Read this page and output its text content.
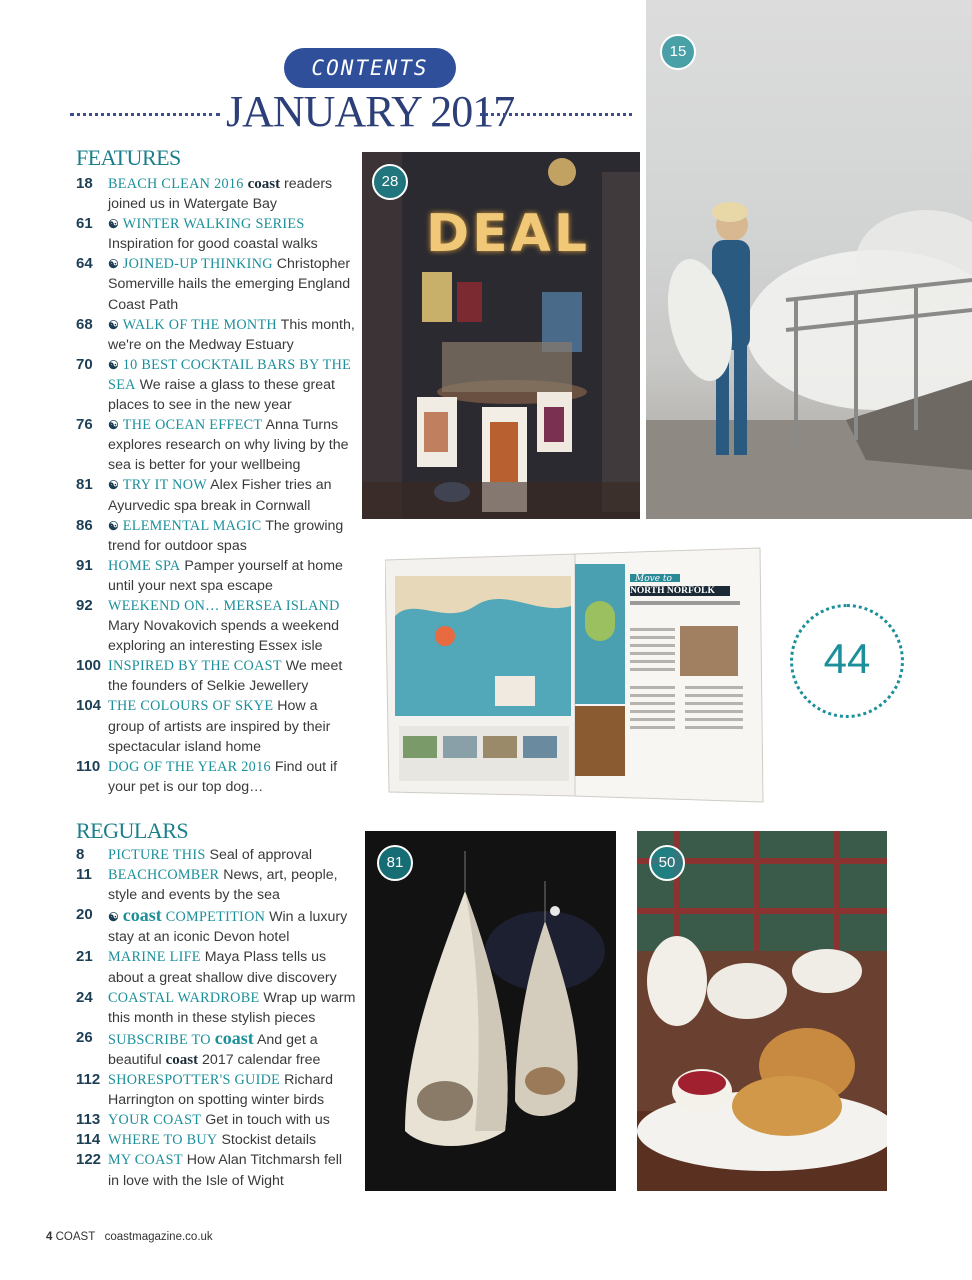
CONTENTS
JANUARY 2017
FEATURES
18 BEACH CLEAN 2016 coast readers joined us in Watergate Bay
61 ☯ WINTER WALKING SERIES Inspiration for good coastal walks
64 ☯ JOINED-UP THINKING Christopher Somerville hails the emerging England Coast Path
68 ☯ WALK OF THE MONTH This month, we're on the Medway Estuary
70 ☯ 10 BEST COCKTAIL BARS BY THE SEA We raise a glass to these great places to see in the new year
76 ☯ THE OCEAN EFFECT Anna Turns explores research on why living by the sea is better for your wellbeing
81 ☯ TRY IT NOW Alex Fisher tries an Ayurvedic spa break in Cornwall
86 ☯ ELEMENTAL MAGIC The growing trend for outdoor spas
91 HOME SPA Pamper yourself at home until your next spa escape
92 WEEKEND ON… MERSEA ISLAND Mary Novakovich spends a weekend exploring an interesting Essex isle
100 INSPIRED BY THE COAST We meet the founders of Selkie Jewellery
104 THE COLOURS OF SKYE How a group of artists are inspired by their spectacular island home
110 DOG OF THE YEAR 2016 Find out if your pet is our top dog…
REGULARS
8 PICTURE THIS Seal of approval
11 BEACHCOMBER News, art, people, style and events by the sea
20 ☯ coast COMPETITION Win a luxury stay at an iconic Devon hotel
21 MARINE LIFE Maya Plass tells us about a great shallow dive discovery
24 COASTAL WARDROBE Wrap up warm this month in these stylish pieces
26 SUBSCRIBE TO coast And get a beautiful coast 2017 calendar free
112 SHORESPOTTER'S GUIDE Richard Harrington on spotting winter birds
113 YOUR COAST Get in touch with us
114 WHERE TO BUY Stockist details
122 MY COAST How Alan Titchmarsh fell in love with the Isle of Wight
DEAL
28
15
Move to
NORTH NORFOLK
44
81	50
4 COAST coastmagazine.co.uk
